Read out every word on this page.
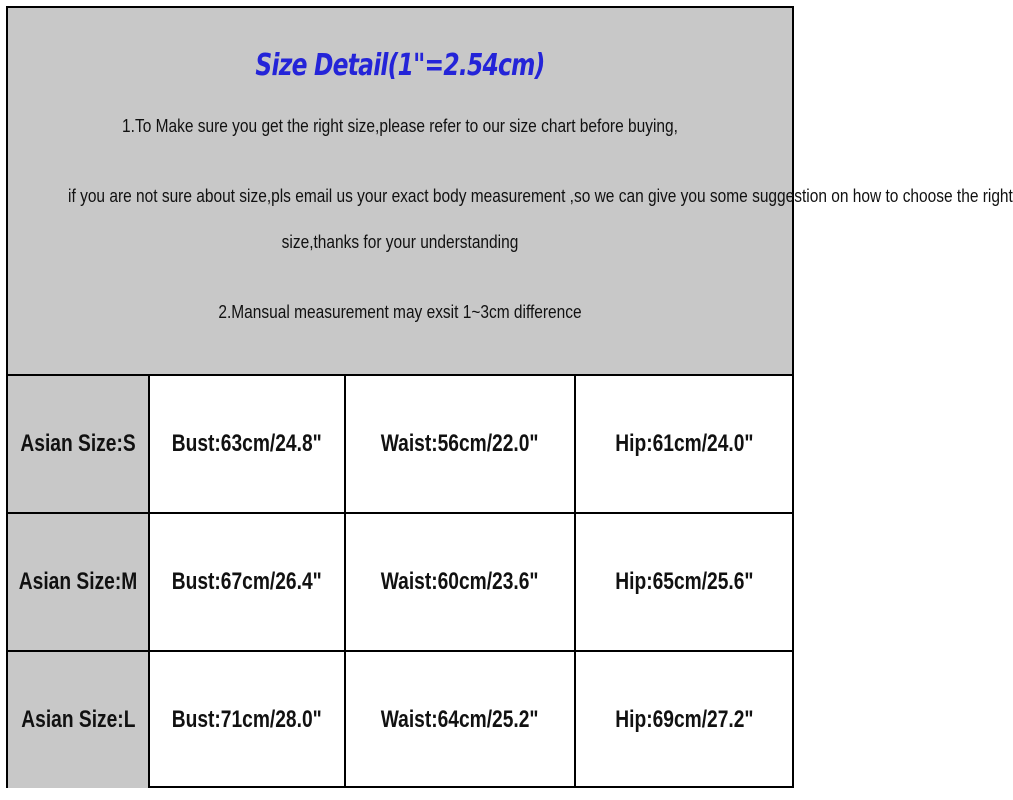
Size Detail(1"=2.54cm)
1.To Make sure you get the right size,please refer to our size chart before buying,
if you are not sure about size,pls email us your exact body measurement ,so we can give you some suggestion on how to choose the right
size,thanks for your understanding
2.Mansual measurement may exsit 1~3cm difference
Asian Size:S Bust:63cm/24.8" Waist:56cm/22.0"	Hip:61cm/24.0"
Asian Size:M Bust:67cm/26.4" Waist:60cm/23.6"	Hip:65cm/25.6"
Asian Size:L Bust:71cm/28.0" Waist:64cm/25.2"	Hip:69cm/27.2"
